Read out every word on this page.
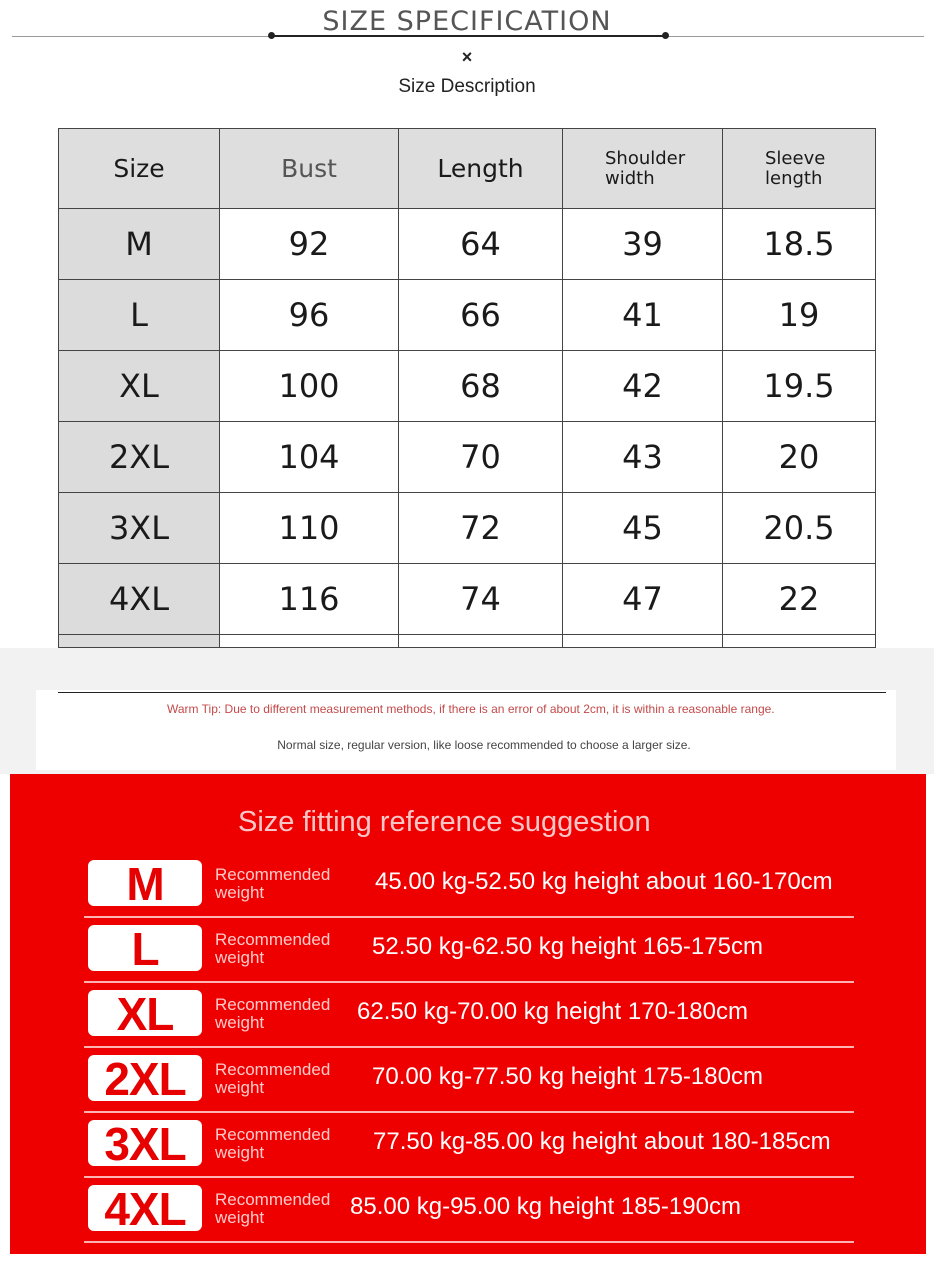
SIZE SPECIFICATION
×
Size Description
Size	Bust	Length	Shoulder width	Sleeve length
M	92	64	39	18.5
L	96	66	41	19
XL	100	68	42	19.5
2XL	104	70	43	20
3XL	110	72	45	20.5
4XL	116	74	47	22

Warm Tip: Due to different measurement methods, if there is an error of about 2cm, it is within a reasonable range.
Normal size, regular version, like loose recommended to choose a larger size.
Size fitting reference suggestion
M	Recommended weight	45.00 kg-52.50 kg height about 160-170cm
L	Recommended weight	52.50 kg-62.50 kg height 165-175cm
XL	Recommended weight	62.50 kg-70.00 kg height 170-180cm
2XL	Recommended weight	70.00 kg-77.50 kg height 175-180cm
3XL	Recommended weight	77.50 kg-85.00 kg height about 180-185cm
4XL	Recommended weight	85.00 kg-95.00 kg height 185-190cm
